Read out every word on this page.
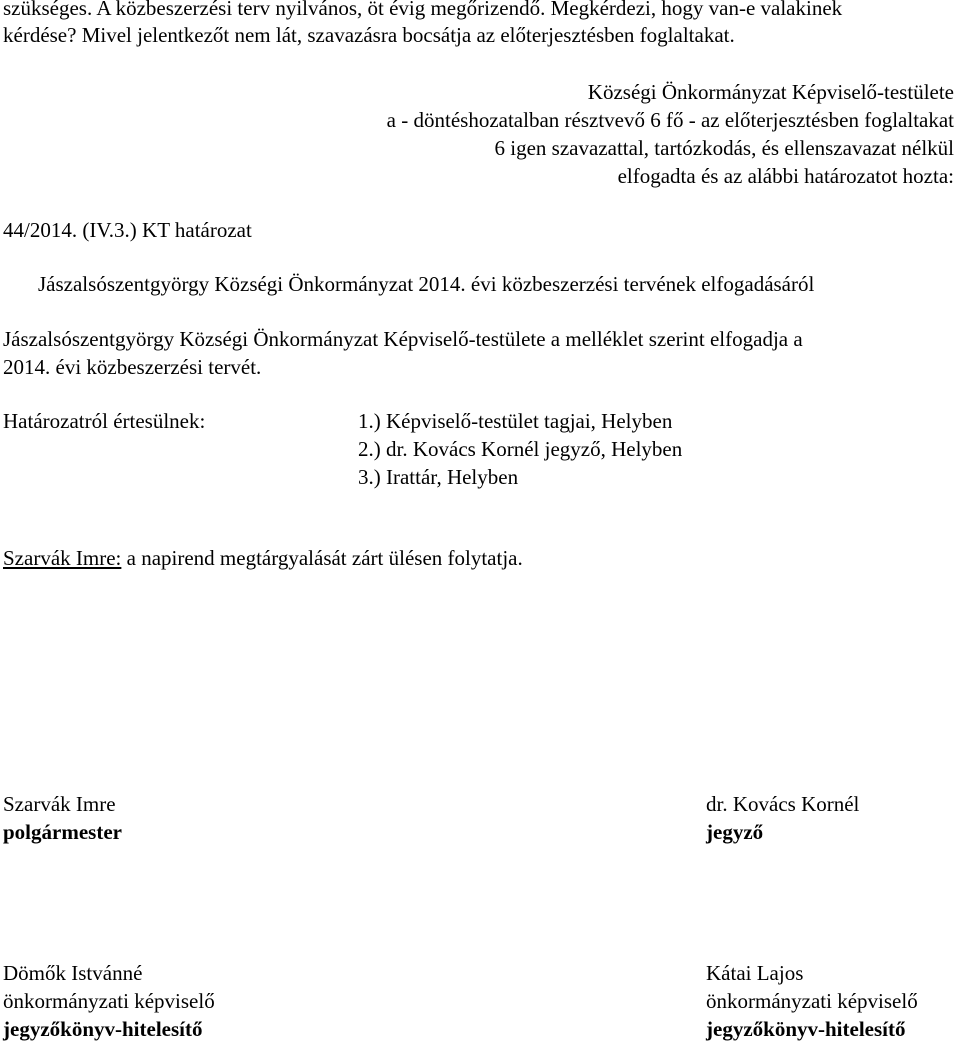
szükséges. A közbeszerzési terv nyilvános, öt évig megőrizendő. Megkérdezi, hogy van-e valakinek
kérdése? Mivel jelentkezőt nem lát, szavazásra bocsátja az előterjesztésben foglaltakat.
Községi Önkormányzat Képviselő-testülete
a - döntéshozatalban résztvevő 6 fő - az előterjesztésben foglaltakat
6 igen szavazattal, tartózkodás, és ellenszavazat nélkül
elfogadta és az alábbi határozatot hozta:
44/2014. (IV.3.) KT határozat
Jászalsószentgyörgy Községi Önkormányzat 2014. évi közbeszerzési tervének elfogadásáról
Jászalsószentgyörgy Községi Önkormányzat Képviselő-testülete a melléklet szerint elfogadja a
2014. évi közbeszerzési tervét.
Határozatról értesülnek:	1.) Képviselő-testület tagjai, Helyben
2.) dr. Kovács Kornél jegyző, Helyben
3.) Irattár, Helyben
Szarvák Imre: a napirend megtárgyalását zárt ülésen folytatja.
Szarvák Imre
polgármester
dr. Kovács Kornél
jegyző
Dömők Istvánné
önkormányzati képviselő
jegyzőkönyv-hitelesítő
Kátai Lajos
önkormányzati képviselő
jegyzőkönyv-hitelesítő
